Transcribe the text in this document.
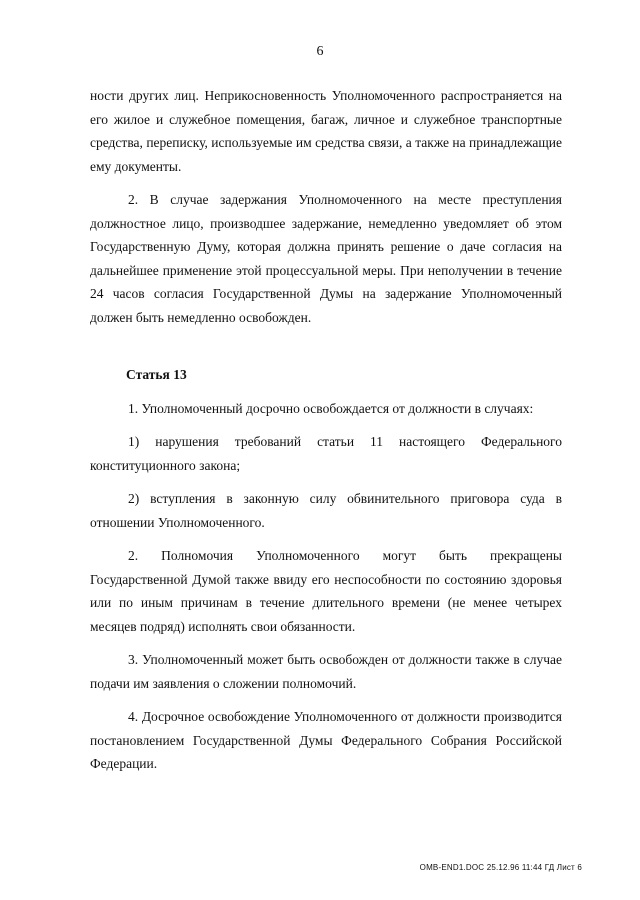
6

ности других лиц. Неприкосновенность Уполномоченного распространяется на его жилое и служебное помещения, багаж, личное и служебное транспортные средства, переписку, используемые им средства связи, а также на принадлежащие ему документы.

2. В случае задержания Уполномоченного на месте преступления должностное лицо, производшее задержание, немедленно уведомляет об этом Государственную Думу, которая должна принять решение о даче согласия на дальнейшее применение этой процессуальной меры. При неполучении в течение 24 часов согласия Государственной Думы на задержание Уполномоченный должен быть немедленно освобожден.

Статья 13

1. Уполномоченный досрочно освобождается от должности в случаях:

1) нарушения требований статьи 11 настоящего Федерального конституционного закона;

2) вступления в законную силу обвинительного приговора суда в отношении Уполномоченного.

2. Полномочия Уполномоченного могут быть прекращены Государственной Думой также ввиду его неспособности по состоянию здоровья или по иным причинам в течение длительного времени (не менее четырех месяцев подряд) исполнять свои обязанности.

3. Уполномоченный может быть освобожден от должности также в случае подачи им заявления о сложении полномочий.

4. Досрочное освобождение Уполномоченного от должности производится постановлением Государственной Думы Федерального Собрания Российской Федерации.

OMB-END1.DOC 25.12.96 11:44 ГД Лист 6
